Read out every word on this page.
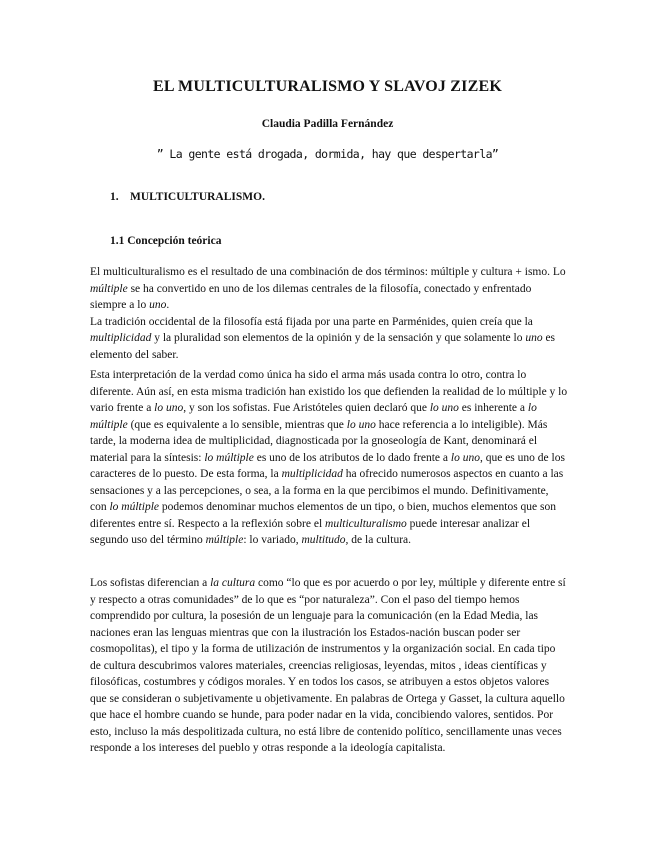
EL MULTICULTURALISMO Y SLAVOJ ZIZEK
Claudia Padilla Fernández
” La gente está drogada, dormida, hay que despertarla”
1. MULTICULTURALISMO.
1.1 Concepción teórica

El multiculturalismo es el resultado de una combinación de dos términos: múltiple y cultura + ismo. Lo múltiple se ha convertido en uno de los dilemas centrales de la filosofía, conectado y enfrentado siempre a lo uno.

La tradición occidental de la filosofía está fijada por una parte en Parménides, quien creía que la multiplicidad y la pluralidad son elementos de la opinión y de la sensación y que solamente lo uno es elemento del saber.

Esta interpretación de la verdad como única ha sido el arma más usada contra lo otro, contra lo diferente. Aún así, en esta misma tradición han existido los que defienden la realidad de lo múltiple y lo vario frente a lo uno, y son los sofistas. Fue Aristóteles quien declaró que lo uno es inherente a lo múltiple (que es equivalente a lo sensible, mientras que lo uno hace referencia a lo inteligible). Más tarde, la moderna idea de multiplicidad, diagnosticada por la gnoseología de Kant, denominará el material para la síntesis: lo múltiple es uno de los atributos de lo dado frente a lo uno, que es uno de los caracteres de lo puesto. De esta forma, la multiplicidad ha ofrecido numerosos aspectos en cuanto a las sensaciones y a las percepciones, o sea, a la forma en la que percibimos el mundo. Definitivamente, con lo múltiple podemos denominar muchos elementos de un tipo, o bien, muchos elementos que son diferentes entre sí. Respecto a la reflexión sobre el multiculturalismo puede interesar analizar el segundo uso del término múltiple: lo variado, multitudo, de la cultura.

Los sofistas diferencian a la cultura como “lo que es por acuerdo o por ley, múltiple y diferente entre sí y respecto a otras comunidades” de lo que es “por naturaleza”. Con el paso del tiempo hemos comprendido por cultura, la posesión de un lenguaje para la comunicación (en la Edad Media, las naciones eran las lenguas mientras que con la ilustración los Estados-nación buscan poder ser cosmopolitas), el tipo y la forma de utilización de instrumentos y la organización social. En cada tipo de cultura descubrimos valores materiales, creencias religiosas, leyendas, mitos , ideas científicas y filosóficas, costumbres y códigos morales. Y en todos los casos, se atribuyen a estos objetos valores que se consideran o subjetivamente u objetivamente. En palabras de Ortega y Gasset, la cultura aquello que hace el hombre cuando se hunde, para poder nadar en la vida, concibiendo valores, sentidos. Por esto, incluso la más despolitizada cultura, no está libre de contenido político, sencillamente unas veces responde a los intereses del pueblo y otras responde a la ideología capitalista.
